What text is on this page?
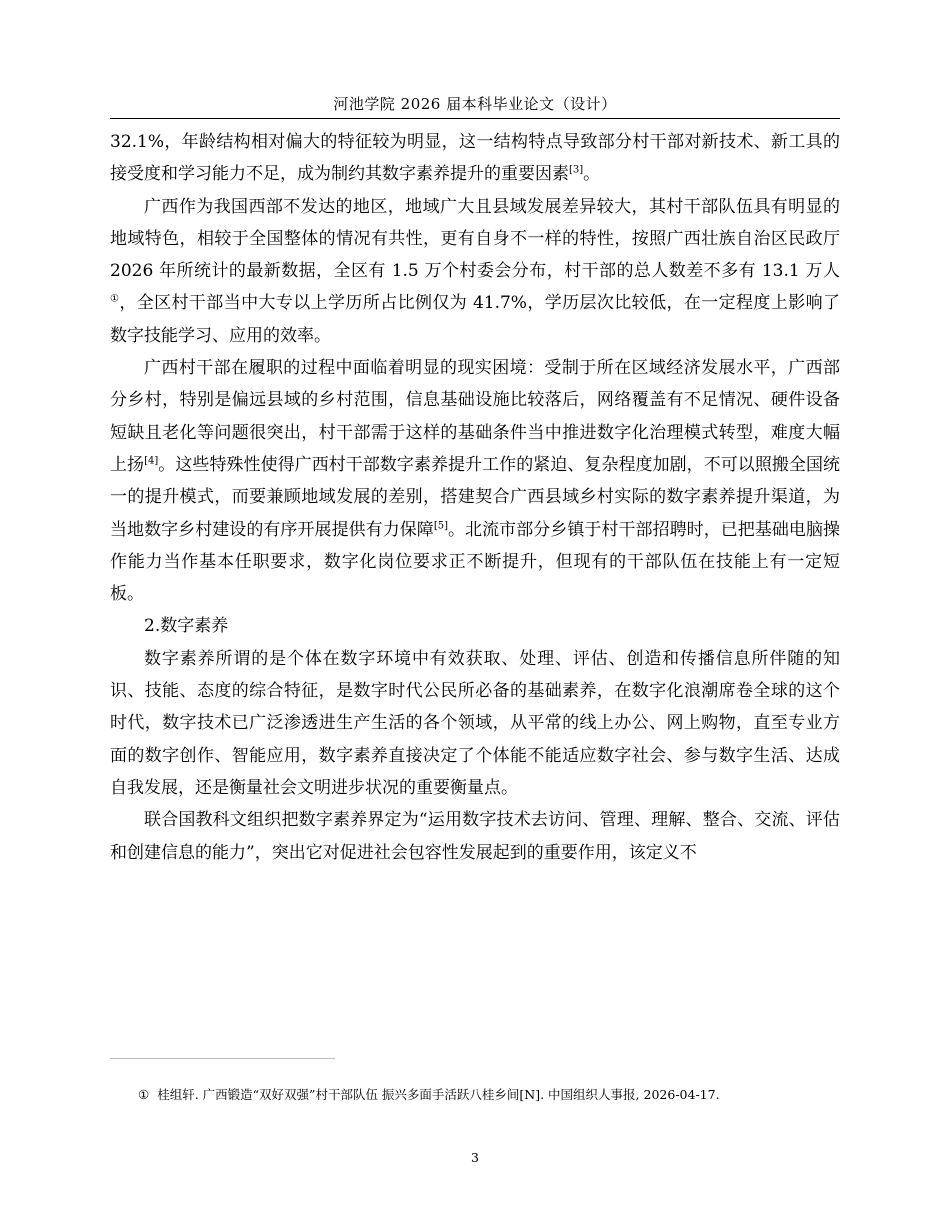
河池学院 2026 届本科毕业论文（设计）

32.1%，年龄结构相对偏大的特征较为明显，这一结构特点导致部分村干部对新技术、新工具的接受度和学习能力不足，成为制约其数字素养提升的重要因素[3]。

广西作为我国西部不发达的地区，地域广大且县域发展差异较大，其村干部队伍具有明显的地域特色，相较于全国整体的情况有共性，更有自身不一样的特性，按照广西壮族自治区民政厅 2026 年所统计的最新数据，全区有 1.5 万个村委会分布，村干部的总人数差不多有 13.1 万人①，全区村干部当中大专以上学历所占比例仅为 41.7%，学历层次比较低，在一定程度上影响了数字技能学习、应用的效率。

广西村干部在履职的过程中面临着明显的现实困境：受制于所在区域经济发展水平，广西部分乡村，特别是偏远县域的乡村范围，信息基础设施比较落后，网络覆盖有不足情况、硬件设备短缺且老化等问题很突出，村干部需于这样的基础条件当中推进数字化治理模式转型，难度大幅上扬[4]。这些特殊性使得广西村干部数字素养提升工作的紧迫、复杂程度加剧，不可以照搬全国统一的提升模式，而要兼顾地域发展的差别，搭建契合广西县域乡村实际的数字素养提升渠道，为当地数字乡村建设的有序开展提供有力保障[5]。北流市部分乡镇于村干部招聘时，已把基础电脑操作能力当作基本任职要求，数字化岗位要求正不断提升，但现有的干部队伍在技能上有一定短板。

2.数字素养

数字素养所谓的是个体在数字环境中有效获取、处理、评估、创造和传播信息所伴随的知识、技能、态度的综合特征，是数字时代公民所必备的基础素养，在数字化浪潮席卷全球的这个时代，数字技术已广泛渗透进生产生活的各个领域，从平常的线上办公、网上购物，直至专业方面的数字创作、智能应用，数字素养直接决定了个体能不能适应数字社会、参与数字生活、达成自我发展，还是衡量社会文明进步状况的重要衡量点。

联合国教科文组织把数字素养界定为“运用数字技术去访问、管理、理解、整合、交流、评估和创建信息的能力”，突出它对促进社会包容性发展起到的重要作用，该定义不

① 桂组轩. 广西锻造“双好双强”村干部队伍 振兴多面手活跃八桂乡间[N]. 中国组织人事报, 2026-04-17.
3
